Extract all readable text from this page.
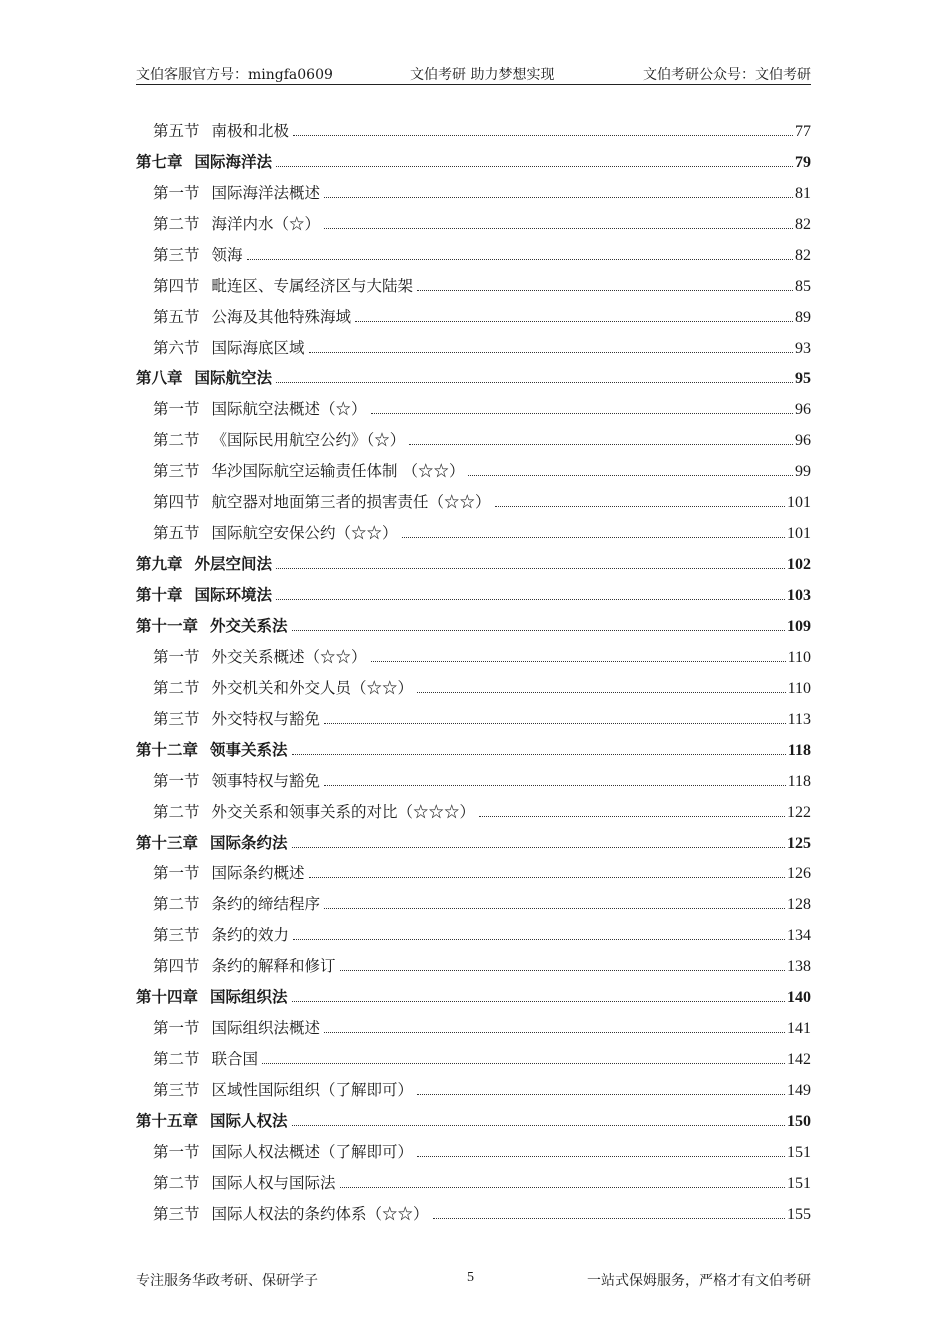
文伯客服官方号：mingfa0609	文伯考研 助力梦想实现	文伯考研公众号：文伯考研
第五节 南极和北极	77
第七章 国际海洋法	79
第一节 国际海洋法概述	81
第二节 海洋内水（☆）	82
第三节 领海	82
第四节 毗连区、专属经济区与大陆架	85
第五节 公海及其他特殊海域	89
第六节 国际海底区域	93
第八章 国际航空法	95
第一节 国际航空法概述（☆）	96
第二节 《国际民用航空公约》（☆）	96
第三节 华沙国际航空运输责任体制 （☆☆）	99
第四节 航空器对地面第三者的损害责任（☆☆）	101
第五节 国际航空安保公约（☆☆）	101
第九章 外层空间法	102
第十章 国际环境法	103
第十一章 外交关系法	109
第一节 外交关系概述（☆☆）	110
第二节 外交机关和外交人员（☆☆）	110
第三节 外交特权与豁免	113
第十二章 领事关系法	118
第一节 领事特权与豁免	118
第二节 外交关系和领事关系的对比（☆☆☆）	122
第十三章 国际条约法	125
第一节 国际条约概述	126
第二节 条约的缔结程序	128
第三节 条约的效力	134
第四节 条约的解释和修订	138
第十四章 国际组织法	140
第一节 国际组织法概述	141
第二节 联合国	142
第三节 区域性国际组织（了解即可）	149
第十五章 国际人权法	150
第一节 国际人权法概述（了解即可）	151
第二节 国际人权与国际法	151
第三节 国际人权法的条约体系（☆☆）	155
专注服务华政考研、保研学子	5	一站式保姆服务，严格才有文伯考研
